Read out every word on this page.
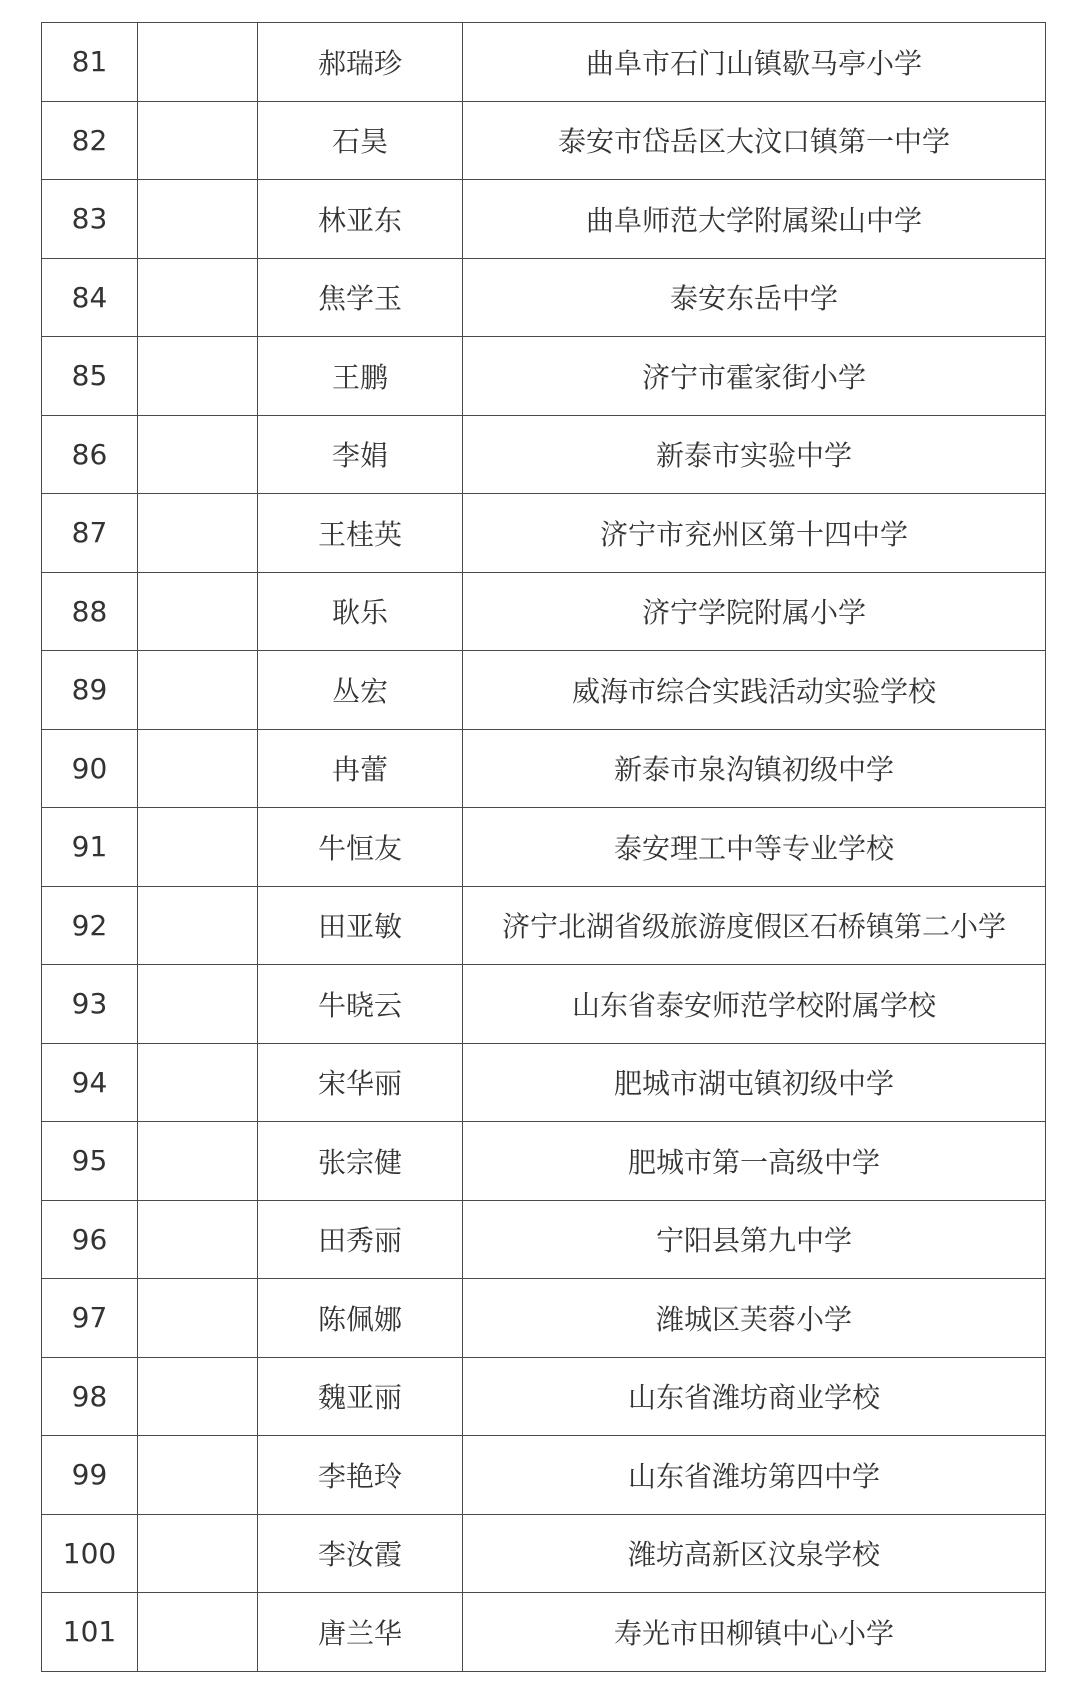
81		郝瑞珍	曲阜市石门山镇歇马亭小学
82		石昊	泰安市岱岳区大汶口镇第一中学
83		林亚东	曲阜师范大学附属梁山中学
84		焦学玉	泰安东岳中学
85		王鹏	济宁市霍家街小学
86		李娟	新泰市实验中学
87		王桂英	济宁市兖州区第十四中学
88		耿乐	济宁学院附属小学
89		丛宏	威海市综合实践活动实验学校
90		冉蕾	新泰市泉沟镇初级中学
91		牛恒友	泰安理工中等专业学校
92		田亚敏	济宁北湖省级旅游度假区石桥镇第二小学
93		牛晓云	山东省泰安师范学校附属学校
94		宋华丽	肥城市湖屯镇初级中学
95		张宗健	肥城市第一高级中学
96		田秀丽	宁阳县第九中学
97		陈佩娜	潍城区芙蓉小学
98		魏亚丽	山东省潍坊商业学校
99		李艳玲	山东省潍坊第四中学
100		李汝霞	潍坊高新区汶泉学校
101		唐兰华	寿光市田柳镇中心小学
